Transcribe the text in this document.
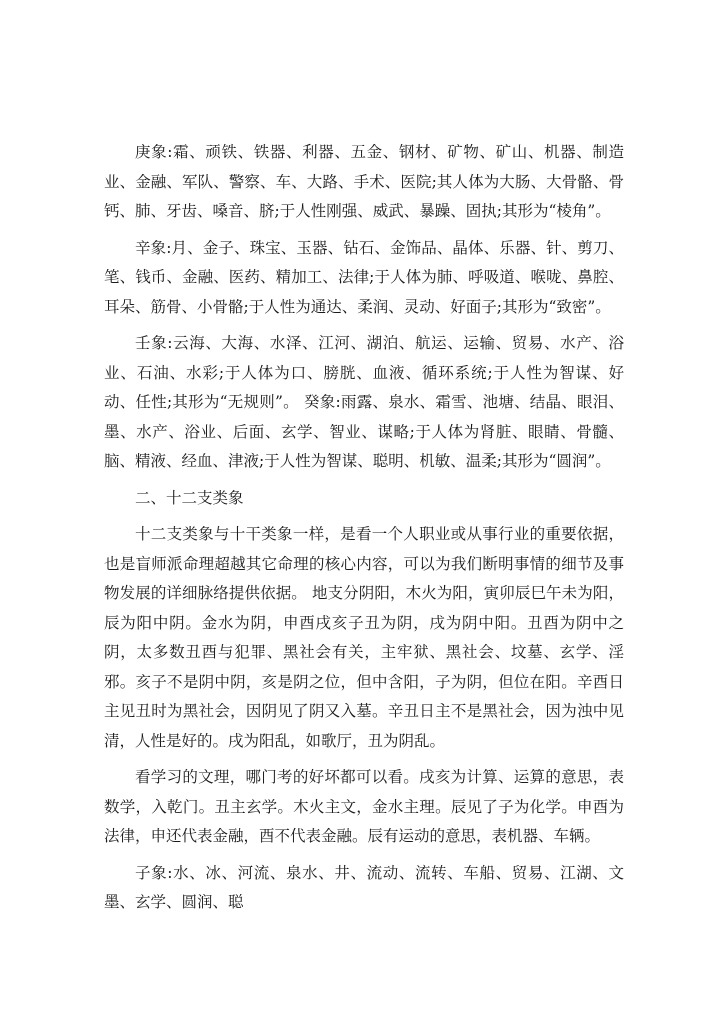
庚象:霜、顽铁、铁器、利器、五金、钢材、矿物、矿山、机器、制造业、金融、军队、警察、车、大路、手术、医院;其人体为大肠、大骨骼、骨钙、肺、牙齿、嗓音、脐;于人性刚强、威武、暴躁、固执;其形为“棱角”。

辛象:月、金子、珠宝、玉器、钻石、金饰品、晶体、乐器、针、剪刀、笔、钱币、金融、医药、精加工、法律;于人体为肺、呼吸道、喉咙、鼻腔、耳朵、筋骨、小骨骼;于人性为通达、柔润、灵动、好面子;其形为“致密”。

壬象:云海、大海、水泽、江河、湖泊、航运、运输、贸易、水产、浴业、石油、水彩;于人体为口、膀胱、血液、循环系统;于人性为智谋、好动、任性;其形为“无规则”。 癸象:雨露、泉水、霜雪、池塘、结晶、眼泪、墨、水产、浴业、后面、玄学、智业、谋略;于人体为肾脏、眼睛、骨髓、脑、精液、经血、津液;于人性为智谋、聪明、机敏、温柔;其形为“圆润”。

二、十二支类象

十二支类象与十干类象一样，是看一个人职业或从事行业的重要依据，也是盲师派命理超越其它命理的核心内容，可以为我们断明事情的细节及事物发展的详细脉络提供依据。 地支分阴阳，木火为阳，寅卯辰巳午未为阳，辰为阳中阴。金水为阴，申酉戌亥子丑为阴，戌为阴中阳。丑酉为阴中之阴，太多数丑酉与犯罪、黑社会有关，主牢狱、黑社会、坟墓、玄学、淫邪。亥子不是阴中阴，亥是阴之位，但中含阳，子为阴，但位在阳。辛酉日主见丑时为黑社会，因阴见了阴又入墓。辛丑日主不是黑社会，因为浊中见清，人性是好的。戌为阳乱，如歌厅，丑为阴乱。

看学习的文理，哪门考的好坏都可以看。戌亥为计算、运算的意思，表数学，入乾门。丑主玄学。木火主文，金水主理。辰见了子为化学。申酉为法律，申还代表金融，酉不代表金融。辰有运动的意思，表机器、车辆。

子象:水、冰、河流、泉水、井、流动、流转、车船、贸易、江湖、文墨、玄学、圆润、聪
